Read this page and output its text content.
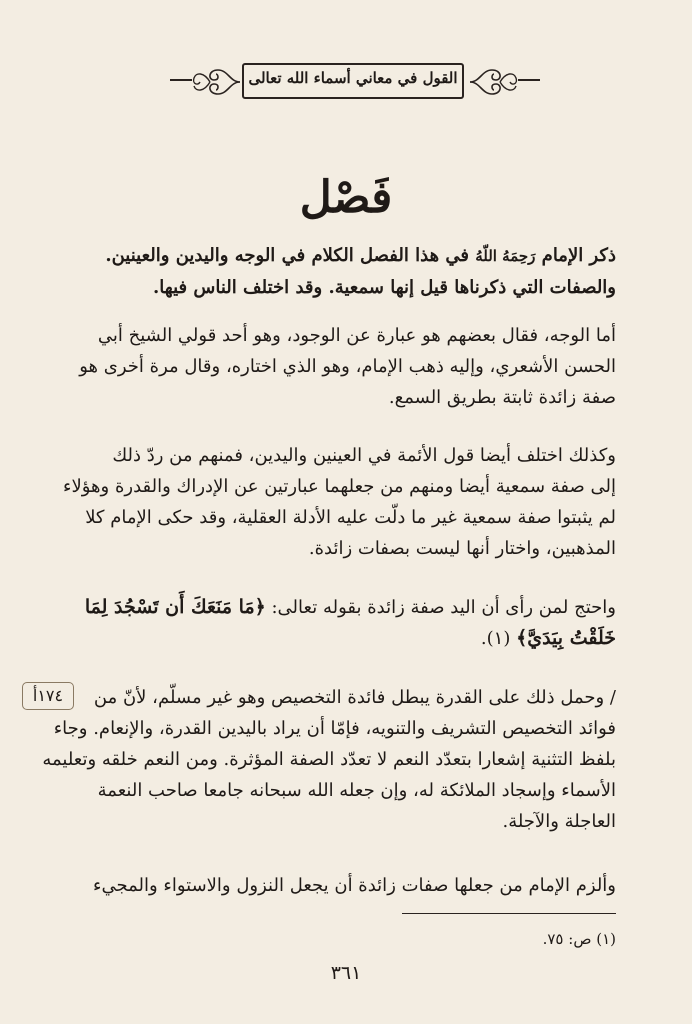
القول في معاني أسماء الله تعالى
فَصْل
ذكر الإمام رَحِمَهُ اللّهُ في هذا الفصل الكلام في الوجه واليدين والعينين.
والصفات التي ذكرناها قيل إنها سمعية. وقد اختلف الناس فيها.
أما الوجه، فقال بعضهم هو عبارة عن الوجود، وهو أحد قولي الشيخ أبي
الحسن الأشعري، وإليه ذهب الإمام، وهو الذي اختاره، وقال مرة أخرى هو
صفة زائدة ثابتة بطريق السمع.
وكذلك اختلف أيضا قول الأئمة في العينين واليدين، فمنهم من ردّ ذلك
إلى صفة سمعية أيضا ومنهم من جعلهما عبارتين عن الإدراك والقدرة وهؤلاء
لم يثبتوا صفة سمعية غير ما دلّت عليه الأدلة العقلية، وقد حكى الإمام كلا
المذهبين، واختار أنها ليست بصفات زائدة.
واحتج لمن رأى أن اليد صفة زائدة بقوله تعالى: ﴿مَا مَنَعَكَ أَن تَسْجُدَ لِمَا
خَلَقْتُ بِيَدَيَّ﴾ (١).
١٧٤أ	/ وحمل ذلك على القدرة يبطل فائدة التخصيص وهو غير مسلّم، لأنّ من
فوائد التخصيص التشريف والتنويه، فإمّا أن يراد باليدين القدرة، والإنعام. وجاء
بلفظ التثنية إشعارا بتعدّد النعم لا تعدّد الصفة المؤثرة. ومن النعم خلقه وتعليمه
الأسماء وإسجاد الملائكة له، وإن جعله الله سبحانه جامعا صاحب النعمة
العاجلة والآجلة.
وألزم الإمام من جعلها صفات زائدة أن يجعل النزول والاستواء والمجيء
(١) ص: ٧٥.
٣٦١
